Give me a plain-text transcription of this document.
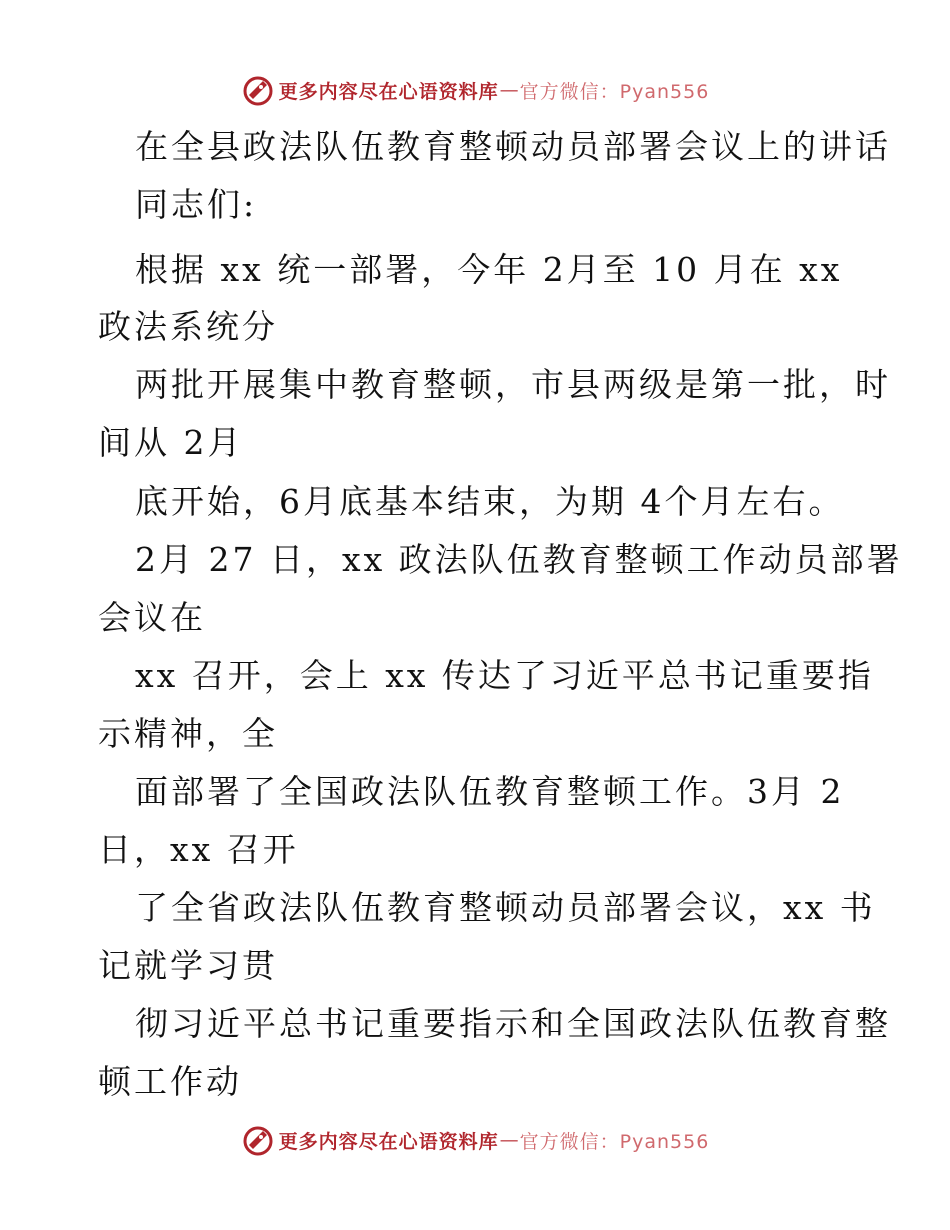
更多内容尽在心语资料库 — 官方微信：Pyan556
在全县政法队伍教育整顿动员部署会议上的讲话
同志们:
根据 xx 统一部署，今年 2月至 10 月在 xx
政法系统分
两批开展集中教育整顿，市县两级是第一批，时
间从 2月
底开始，6月底基本结束，为期 4个月左右。
2月 27 日，xx 政法队伍教育整顿工作动员部署
会议在
xx 召开，会上 xx 传达了习近平总书记重要指
示精神，全
面部署了全国政法队伍教育整顿工作。3月 2
日，xx 召开
了全省政法队伍教育整顿动员部署会议，xx 书
记就学习贯
彻习近平总书记重要指示和全国政法队伍教育整
顿工作动
更多内容尽在心语资料库 — 官方微信：Pyan556
